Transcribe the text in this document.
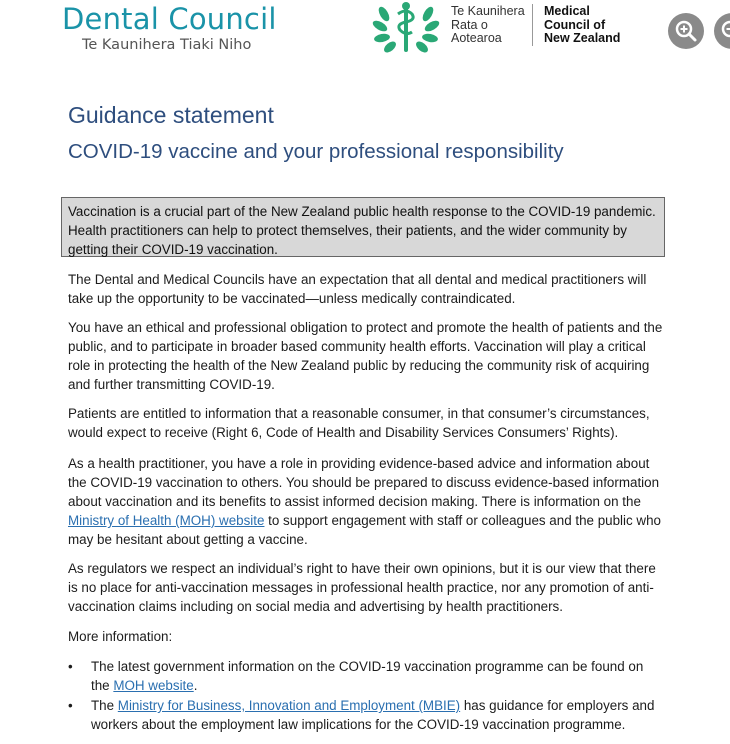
Dental Council
Te Kaunihera Tiaki Niho
Te Kaunihera
Rata o
Aotearoa
Medical
Council of
New Zealand
Guidance statement
COVID-19 vaccine and your professional responsibility
Vaccination is a crucial part of the New Zealand public health response to the COVID-19 pandemic. Health practitioners can help to protect themselves, their patients, and the wider community by getting their COVID-19 vaccination.

The Dental and Medical Councils have an expectation that all dental and medical practitioners will take up the opportunity to be vaccinated—unless medically contraindicated.

You have an ethical and professional obligation to protect and promote the health of patients and the public, and to participate in broader based community health efforts. Vaccination will play a critical role in protecting the health of the New Zealand public by reducing the community risk of acquiring and further transmitting COVID-19.

Patients are entitled to information that a reasonable consumer, in that consumer’s circumstances, would expect to receive (Right 6, Code of Health and Disability Services Consumers’ Rights).

As a health practitioner, you have a role in providing evidence-based advice and information about the COVID-19 vaccination to others. You should be prepared to discuss evidence-based information about vaccination and its benefits to assist informed decision making. There is information on the Ministry of Health (MOH) website to support engagement with staff or colleagues and the public who may be hesitant about getting a vaccine.

As regulators we respect an individual’s right to have their own opinions, but it is our view that there is no place for anti-vaccination messages in professional health practice, nor any promotion of anti-vaccination claims including on social media and advertising by health practitioners.

More information:

•	The latest government information on the COVID-19 vaccination programme can be found on the MOH website.
•	The Ministry for Business, Innovation and Employment (MBIE) has guidance for employers and workers about the employment law implications for the COVID-19 vaccination programme.
